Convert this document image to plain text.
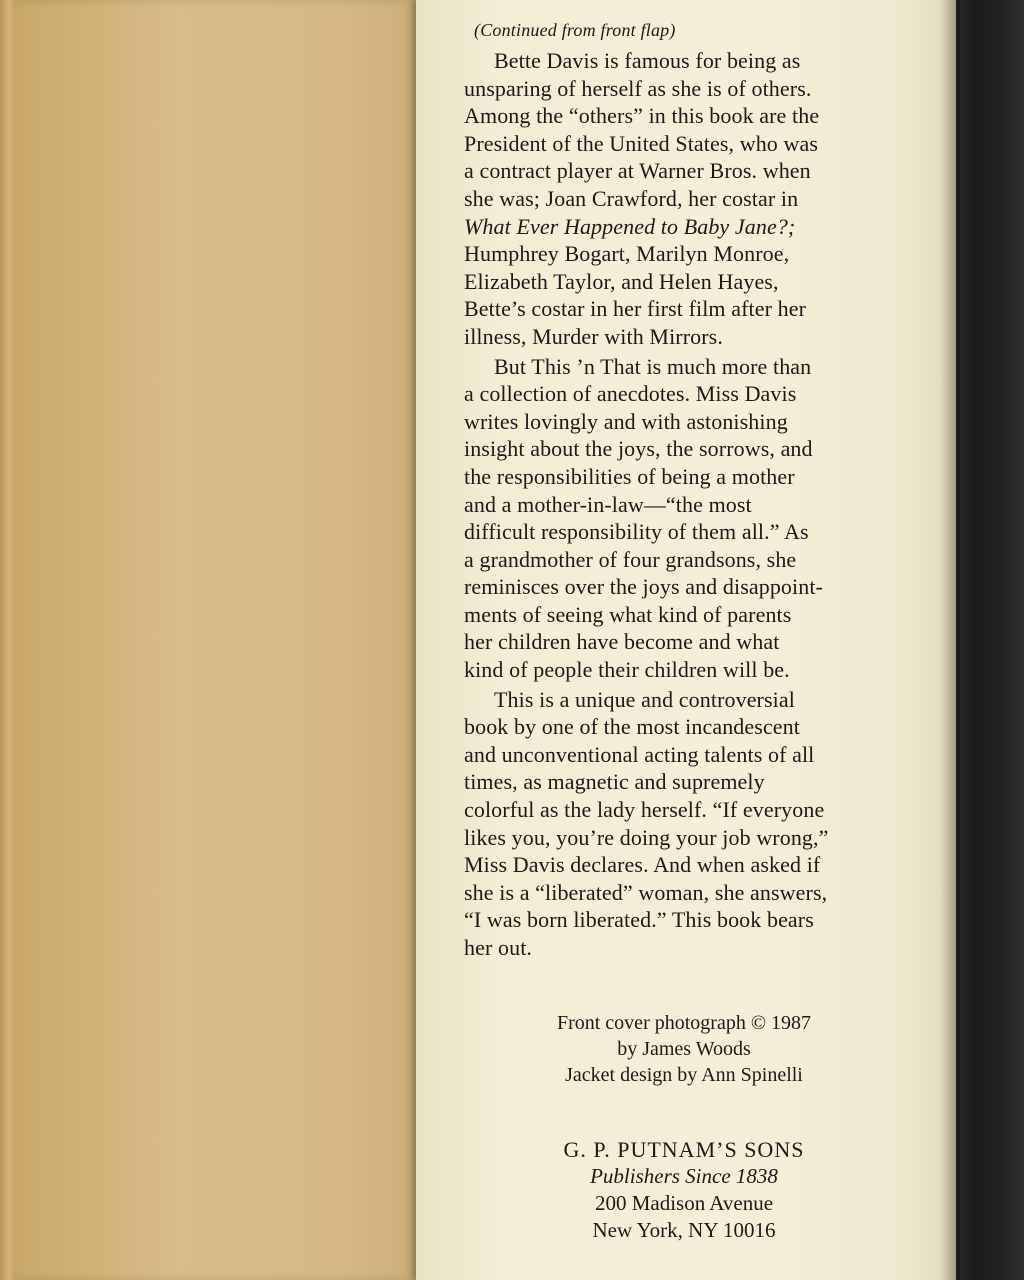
(Continued from front flap)

Bette Davis is famous for being as

unsparing of herself as she is of others.

Among the “others” in this book are the

President of the United States, who was

a contract player at Warner Bros. when

she was; Joan Crawford, her costar in

What Ever Happened to Baby Jane?;

Humphrey Bogart, Marilyn Monroe,

Elizabeth Taylor, and Helen Hayes,

Bette’s costar in her first film after her

illness, Murder with Mirrors.

But This ’n That is much more than

a collection of anecdotes. Miss Davis

writes lovingly and with astonishing

insight about the joys, the sorrows, and

the responsibilities of being a mother

and a mother-in-law—“the most

difficult responsibility of them all.” As

a grandmother of four grandsons, she

reminisces over the joys and disappoint-

ments of seeing what kind of parents

her children have become and what

kind of people their children will be.

This is a unique and controversial

book by one of the most incandescent

and unconventional acting talents of all

times, as magnetic and supremely

colorful as the lady herself. “If everyone

likes you, you’re doing your job wrong,”

Miss Davis declares. And when asked if

she is a “liberated” woman, she answers,

“I was born liberated.” This book bears

her out.

Front cover photograph © 1987
by James Woods
Jacket design by Ann Spinelli
G. P. PUTNAM’S SONS
Publishers Since 1838
200 Madison Avenue
New York, NY 10016
